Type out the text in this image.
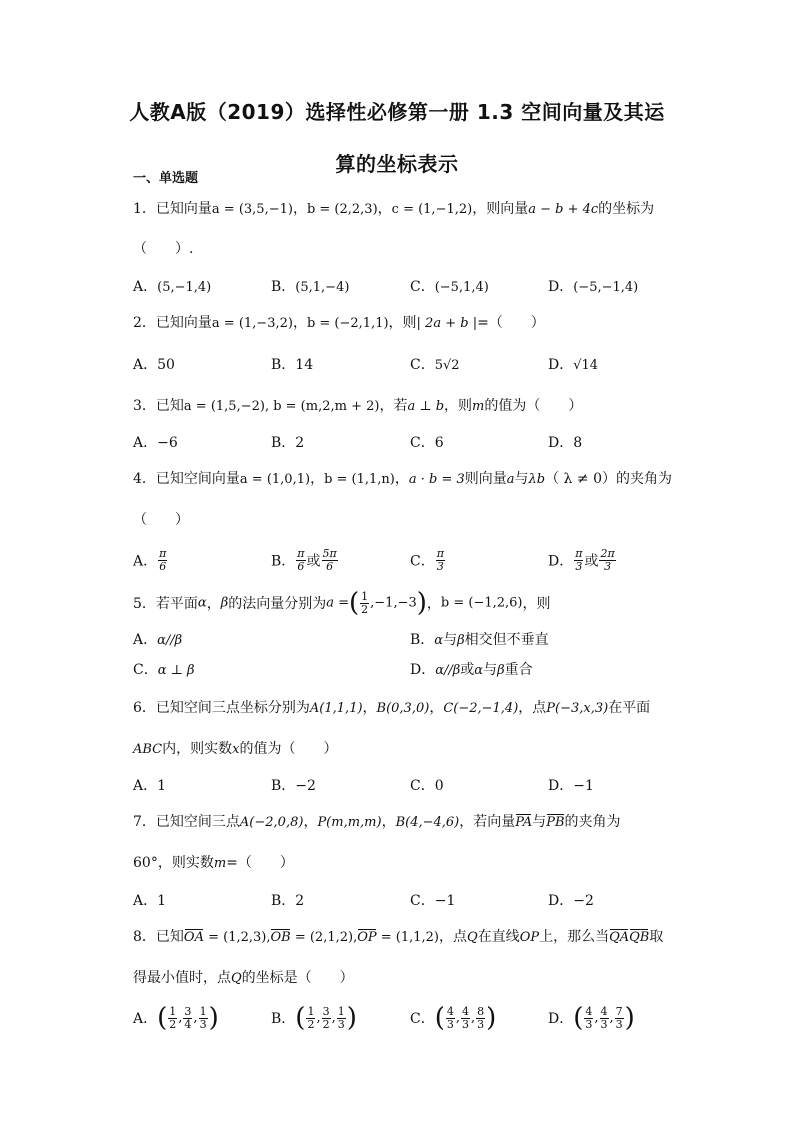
人教A版（2019）选择性必修第一册 1.3 空间向量及其运
算的坐标表示
一、单选题
1．已知向量a = (3,5,−1)，b = (2,2,3)，c = (1,−1,2)，则向量a − b + 4c的坐标为
（　　）.
A．(5,−1,4)	B．(5,1,−4)	C．(−5,1,4)	D．(−5,−1,4)
2．已知向量a = (1,−3,2)，b = (−2,1,1)，则| 2a + b |=（　　）
A．50	B．14	C．5√2	D．√14
3．已知a = (1,5,−2), b = (m,2,m + 2)，若a ⊥ b，则m的值为（　　）
A．−6	B．2	C．6	D．8
4．已知空间向量a = (1,0,1)，b = (1,1,n)，a · b = 3则向量a与λb（ λ ≠ 0）的夹角为
（　　）
A． $\frac{\pi}{6}$	B． $\frac{\pi}{6}$ 或 $\frac{5\pi}{6}$	C． $\frac{\pi}{3}$	D． $\frac{\pi}{3}$ 或 $\frac{2\pi}{3}$
5．若平面α，β的法向量分别为a =( $\frac{1}{2} ,-1,-3$)，b = (−1,2,6)，则
A．α//β	B．α与β相交但不垂直
C．α ⊥ β	D．α//β或α与β重合
6．已知空间三点坐标分别为A(1,1,1)，B(0,3,0)，C(−2,−1,4)，点P(−3,x,3)在平面
ABC内，则实数x的值为（　　）
A．1	B．−2	C．0	D．−1
7．已知空间三点A(−2,0,8)，P(m,m,m)，B(4,−4,6)，若向量PA与PB的夹角为
60°，则实数m=（　　）
A．1	B．2	C．−1	D．−2
8．已知OA = (1,2,3),OB = (2,1,2),OP = (1,1,2)，点Q在直线OP上，那么当QAQB取
得最小值时，点Q的坐标是（　　）
A．( $\frac{1}{2}$ , $\frac{3}{4}$ , $\frac{1}{3}$ )	B．( $\frac{1}{2}$ , $\frac{3}{2}$ , $\frac{1}{3}$ )	C．( $\frac{4}{3}$ , $\frac{4}{3}$ , $\frac{8}{3}$ )	D．( $\frac{4}{3}$ , $\frac{4}{3}$ , $\frac{7}{3}$ )
